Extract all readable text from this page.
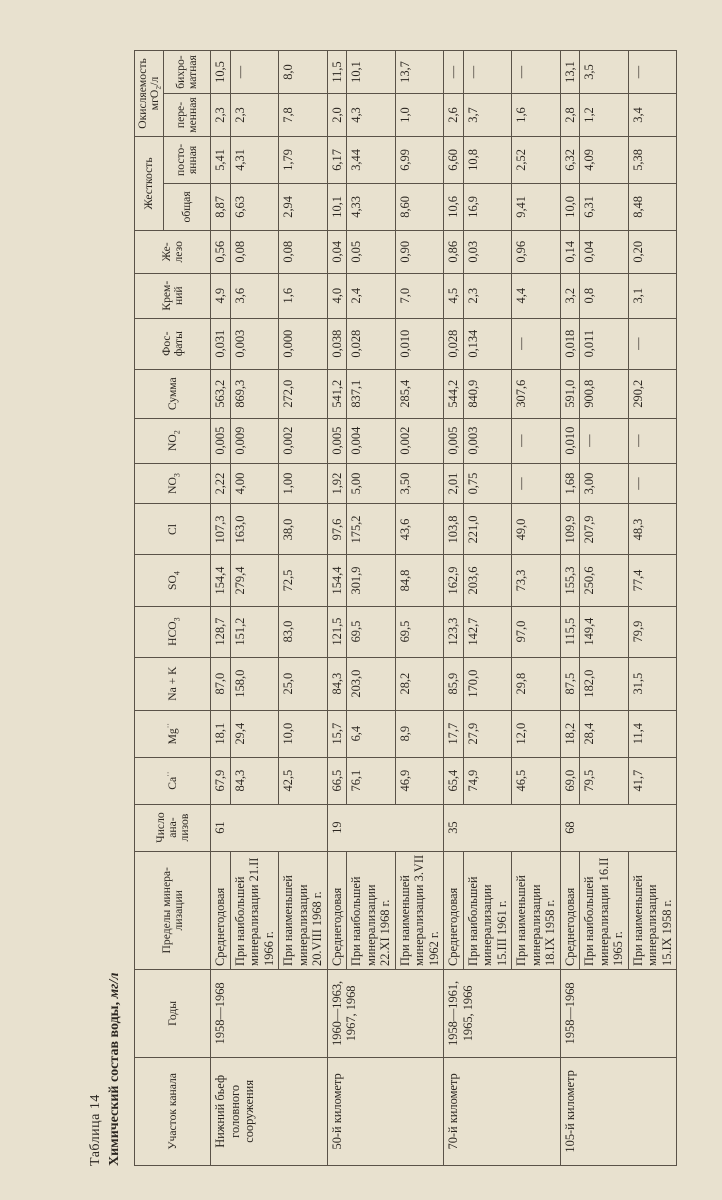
Таблица 14 Химический состав воды, мг/л
Участок канала	Годы	Пределы минерализации	Число анализов	Ca··	Mg··	Na + K	$HCO_3$	$SO_4$	Cl	$NO_3$	$NO_2$	Сумма	Фосфаты	Кремний	Железо	Жесткость		Окисляемость мгО₂/л	
																общая	постоянная	переменная	бихроматная
Нижний бьеф головного сооружения	1958—1968	Среднегодовая	61	67,9	18,1	87,0	128,7	154,4	107,3	2,22	0,005	563,2	0,031	4,9	0,56	8,87	5,41	2,3	10,5
		При наибольшей минерализации 21.II 1966 г.		84,3	29,4	158,0	151,2	279,4	163,0	4,00	0,009	869,3	0,003	3,6	0,08	6,63	4,31	2,3	—
		При наименьшей минерализации 20.VIII 1968 г.		42,5	10,0	25,0	83,0	72,5	38,0	1,00	0,002	272,0	0,000	1,6	0,08	2,94	1,79	7,8	8,0
50-й километр	1960—1963, 1967, 1968	Среднегодовая	19	66,5	15,7	84,3	121,5	154,4	97,6	1,92	0,005	541,2	0,038	4,0	0,04	10,1	6,17	2,0	11,5
		При наибольшей минерализации 22.XI 1968 г.		76,1	6,4	203,0	69,5	301,9	175,2	5,00	0,004	837,1	0,028	2,4	0,05	4,33	3,44	4,3	10,1
		При наименьшей минерализации 3.VII 1962 г.		46,9	8,9	28,2	69,5	84,8	43,6	3,50	0,002	285,4	0,010	7,0	0,90	8,60	6,99	1,0	13,7
70-й километр	1958—1961, 1965, 1966	Среднегодовая	35	65,4	17,7	85,9	123,3	162,9	103,8	2,01	0,005	544,2	0,028	4,5	0,86	10,6	6,60	2,6	—
		При наибольшей минерализации 15.III 1961 г.		74,9	27,9	170,0	142,7	203,6	221,0	0,75	0,003	840,9	0,134	2,3	0,03	16,9	10,8	3,7	—
		При наименьшей минерализации 18.IX 1958 г.		46,5	12,0	29,8	97,0	73,3	49,0	—	—	307,6	—	4,4	0,96	9,41	2,52	1,6	—
105-й километр	1958—1968	Среднегодовая	68	69,0	18,2	87,5	115,5	155,3	109,9	1,68	0,010	591,0	0,018	3,2	0,14	10,0	6,32	2,8	13,1
		При наибольшей минерализации 16.II 1965 г.		79,5	28,4	182,0	149,4	250,6	207,9	3,00	—	900,8	0,011	0,8	0,04	6,31	4,09	1,2	3,5
		При наименьшей минерализации 15.IX 1958 г.		41,7	11,4	31,5	79,9	77,4	48,3	—	—	290,2	—	3,1	0,20	8,48	5,38	3,4	—
